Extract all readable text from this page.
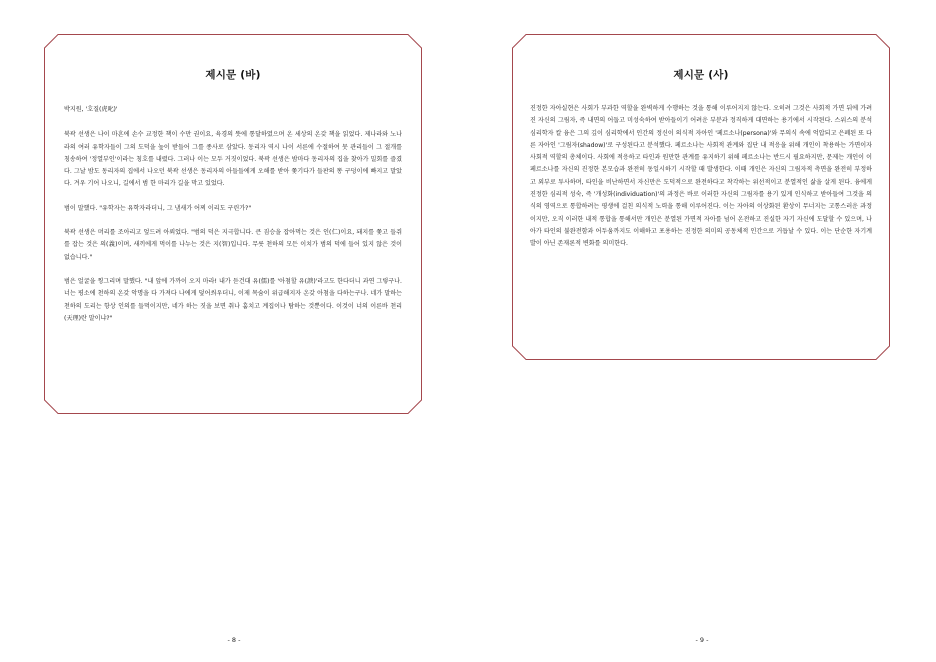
제시문 (바)

박지원, '호질(虎叱)'

북곽 선생은 나이 마흔에 손수 교정한 책이 수만 권이요, 육경의 뜻에 통달하였으며 온 세상의 온갖 책을 읽었다. 제나라와 노나라의 여러 유학자들이 그의 도덕을 높이 받들어 그를 종사로 삼았다. 동리자 역시 나이 서른에 수절하여 뭇 관리들이 그 절개를 칭송하여 '정열부인'이라는 칭호를 내렸다. 그러나 이는 모두 거짓이었다. 북곽 선생은 밤마다 동리자의 집을 찾아가 밀회를 즐겼다. 그날 밤도 동리자의 집에서 나오던 북곽 선생은 동리자의 아들들에게 오해를 받아 쫓기다가 들판의 똥 구덩이에 빠지고 말았다. 겨우 기어 나오니, 길에서 범 한 마리가 길을 막고 있었다.

범이 말했다. "유학자는 유학자라더니, 그 냄새가 어찌 이리도 구린가?"

북곽 선생은 머리를 조아리고 엎드려 아뢰었다. "범의 덕은 지극합니다. 큰 짐승을 잡아먹는 것은 인(仁)이요, 돼지를 쫓고 들쥐를 잡는 것은 의(義)이며, 새끼에게 먹이를 나누는 것은 지(智)입니다. 무릇 천하의 모든 이치가 범의 덕에 들어 있지 않은 것이 없습니다."

범은 얼굴을 찡그리며 말했다. "내 앞에 가까이 오지 마라! 내가 듣건대 유(儒)를 '아첨할 유(諛)'라고도 한다더니 과연 그렇구나. 너는 평소에 천하의 온갖 악명을 다 가져다 나에게 덮어씌우더니, 이제 목숨이 위급해지자 온갖 아첨을 다하는구나. 네가 말하는 천하의 도리는 항상 인의를 들먹이지만, 네가 하는 짓을 보면 취나 훔치고 계집이나 탐하는 것뿐이다. 이것이 너의 이른바 천리(天理)란 말이냐?"

- 8 -
제시문 (사)

진정한 자아실현은 사회가 부과한 역할을 완벽하게 수행하는 것을 통해 이루어지지 않는다. 오히려 그것은 사회적 가면 뒤에 가려진 자신의 그림자, 즉 내면의 어둡고 미성숙하여 받아들이기 어려운 부분과 정직하게 대면하는 용기에서 시작된다. 스위스의 분석심리학자 칼 융은 그의 깊이 심리학에서 인간의 정신이 의식적 자아인 '페르소나(persona)'와 무의식 속에 억압되고 은폐된 또 다른 자아인 '그림자(shadow)'로 구성된다고 분석했다. 페르소나는 사회적 관계와 집단 내 적응을 위해 개인이 착용하는 가면이자 사회적 역할의 총체이다. 사회에 적응하고 타인과 원만한 관계를 유지하기 위해 페르소나는 반드시 필요하지만, 문제는 개인이 이 페르소나를 자신의 진정한 본모습과 완전히 동일시하기 시작할 때 발생한다. 이때 개인은 자신의 그림자적 측면을 완전히 부정하고 외부로 투사하며, 타인을 비난하면서 자신만은 도덕적으로 완전하다고 착각하는 위선적이고 분열적인 삶을 살게 된다. 융에게 진정한 심리적 성숙, 즉 '개성화(individuation)'의 과정은 바로 이러한 자신의 그림자를 용기 있게 인식하고 받아들여 그것을 의식의 영역으로 통합하려는 평생에 걸친 의식적 노력을 통해 이루어진다. 이는 자아의 이상화된 환상이 무너지는 고통스러운 과정이지만, 오직 이러한 내적 통합을 통해서만 개인은 분열된 가면적 자아를 넘어 온전하고 진실한 자기 자신에 도달할 수 있으며, 나아가 타인의 불완전함과 어두움까지도 이해하고 포용하는 진정한 의미의 공동체적 인간으로 거듭날 수 있다. 이는 단순한 자기계발이 아닌 존재론적 변화를 의미한다.

- 9 -
